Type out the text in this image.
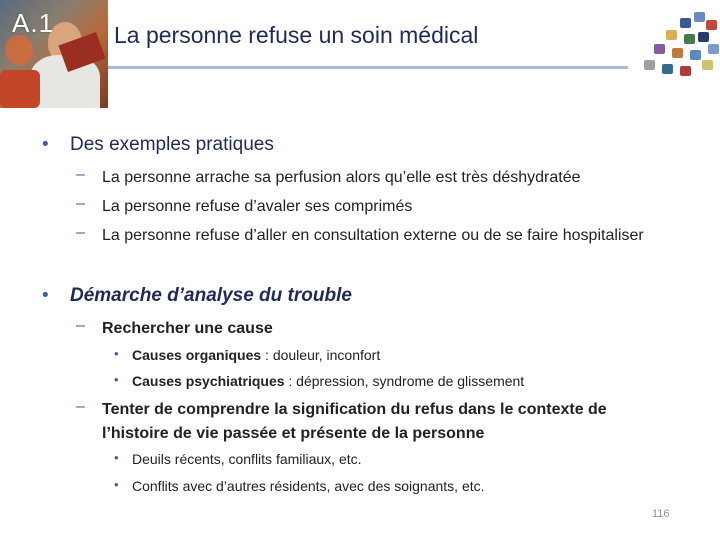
A.1	La personne refuse un soin médical
• Des exemples pratiques
– La personne arrache sa perfusion alors qu’elle est très déshydratée
– La personne refuse d’avaler ses comprimés
– La personne refuse d’aller en consultation externe ou de se faire hospitaliser
• Démarche d’analyse du trouble
– Rechercher une cause
• Causes organiques : douleur, inconfort
• Causes psychiatriques : dépression, syndrome de glissement
– Tenter de comprendre la signification du refus dans le contexte de l’histoire de vie passée et présente de la personne
• Deuils récents, conflits familiaux, etc.
• Conflits avec d’autres résidents, avec des soignants, etc.
116
